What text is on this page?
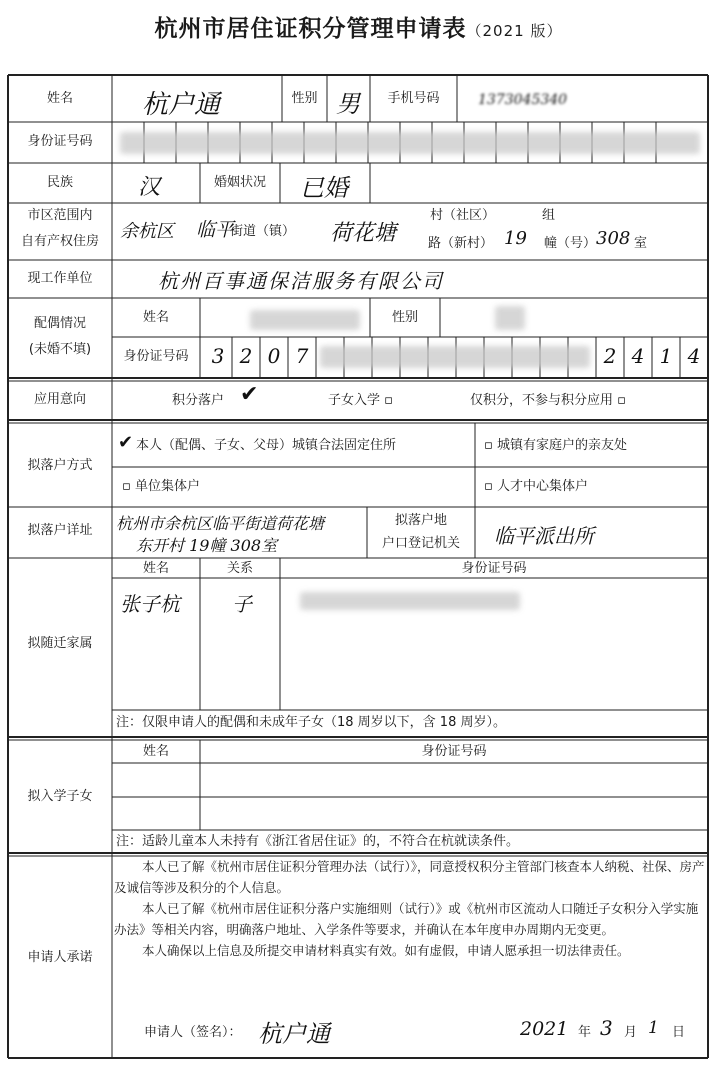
杭州市居住证积分管理申请表（2021 版）
姓名	杭户通	性别 男	手机号码	1373045340
身份证号码
民族	汉	婚姻状况	已婚
市区范围内
自有产权住房	余杭区 临平
街道（镇） 荷花塘
村（社区）	组
路（新村） 19 幢（号） 308 室
现工作单位	杭州百事通保洁服务有限公司
配偶情况
(未婚不填)
姓名	性别
身份证号码	3 2 0 7	2 4 1 4
应用意向	积分落户 ✔	子女入学 ▫	仅积分，不参与积分应用 ▫
拟落户方式
✔ 本人（配偶、子女、父母）城镇合法固定住所	▫ 城镇有家庭户的亲友处
▫ 单位集体户	▫ 人才中心集体户
拟落户详址	杭州市余杭区临平街道荷花塘
东开村 19幢 308室
拟落户地
户口登记机关	临平派出所
拟随迁家属
姓名	关系	身份证号码
张子杭	子
注：仅限申请人的配偶和未成年子女（18 周岁以下，含 18 周岁）。
拟入学子女
姓名	身份证号码
注：适龄儿童本人未持有《浙江省居住证》的，不符合在杭就读条件。
申请人承诺

本人已了解《杭州市居住证积分管理办法（试行）》，同意授权积分主管部门核查本人纳税、社保、房产及诚信等涉及积分的个人信息。

本人已了解《杭州市居住证积分落户实施细则（试行）》或《杭州市区流动人口随迁子女积分入学实施办法》等相关内容，明确落户地址、入学条件等要求，并确认在本年度申办周期内无变更。

本人确保以上信息及所提交申请材料真实有效。如有虚假，申请人愿承担一切法律责任。

申请人（签名）： 杭户通	2021 年 3 月 1 日
